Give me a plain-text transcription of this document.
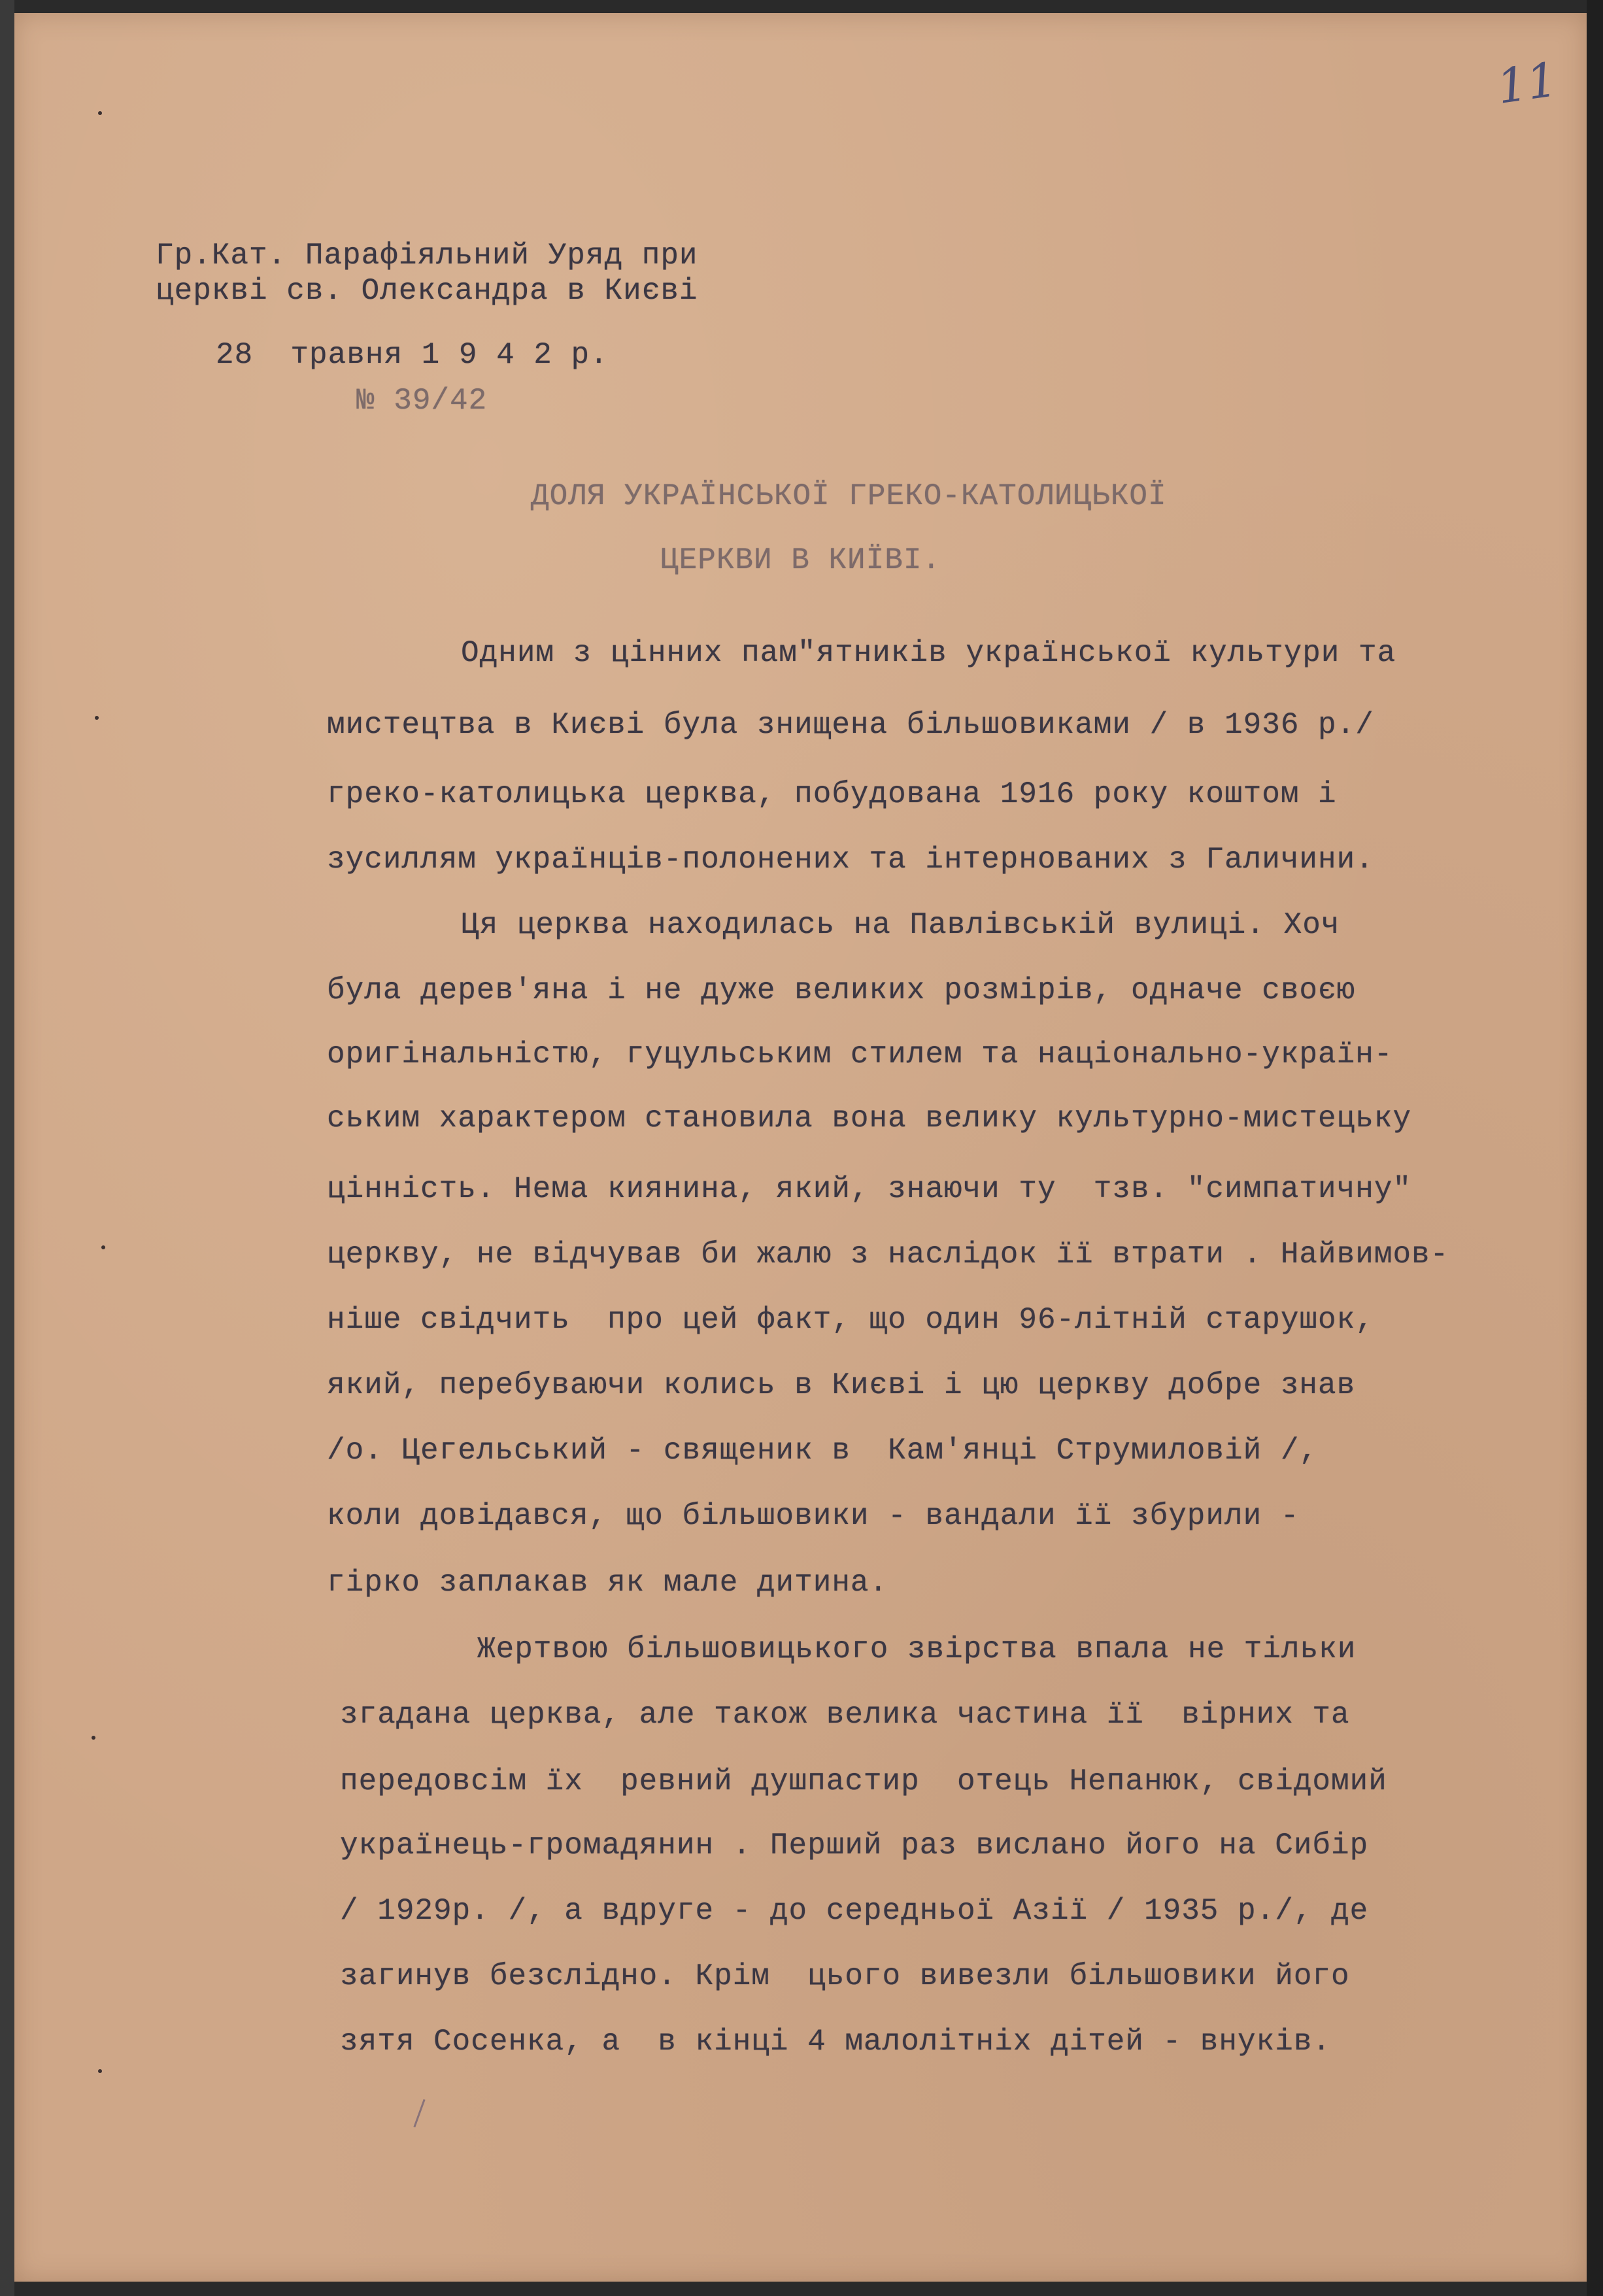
11
Гр.Кат. Парафіяльний Уряд при
церкві св. Олександра в Києві
28  травня 1 9 4 2 р.
№ 39/42
ДОЛЯ УКРАЇНСЬКОЇ ГРЕКО-КАТОЛИЦЬКОЇ
ЦЕРКВИ В КИЇВІ.
Одним з цінних пам"ятників української культури та
мистецтва в Києві була знищена більшовиками / в 1936 р./
греко-католицька церква, побудована 1916 року коштом і
зусиллям українців-полонених та інтернованих з Галичини.
Ця церква находилась на Павлівській вулиці. Хоч
була дерев'яна і не дуже великих розмірів, одначе своєю
оригінальністю, гуцульським стилем та національно-україн-
ським характером становила вона велику культурно-мистецьку
цінність. Нема киянина, який, знаючи ту  тзв. "симпатичну"
церкву, не відчував би жалю з наслідок її втрати . Найвимов-
ніше свідчить  про цей факт, що один 96-літній старушок,
який, перебуваючи колись в Києві і цю церкву добре знав
/о. Цегельський - священик в  Кам'янці Струмиловій /,
коли довідався, що більшовики - вандали її збурили -
гірко заплакав як мале дитина.
Жертвою більшовицького звірства впала не тільки
згадана церква, але також велика частина її  вірних та
передовсім їх  ревний душпастир  отець Непанюк, свідомий
українець-громадянин . Перший раз вислано його на Сибір
/ 1929р. /, а вдруге - до середньої Азії / 1935 р./, де
загинув безслідно. Крім  цього вивезли більшовики його
зятя Сосенка, а  в кінці 4 малолітніх дітей - внуків.
